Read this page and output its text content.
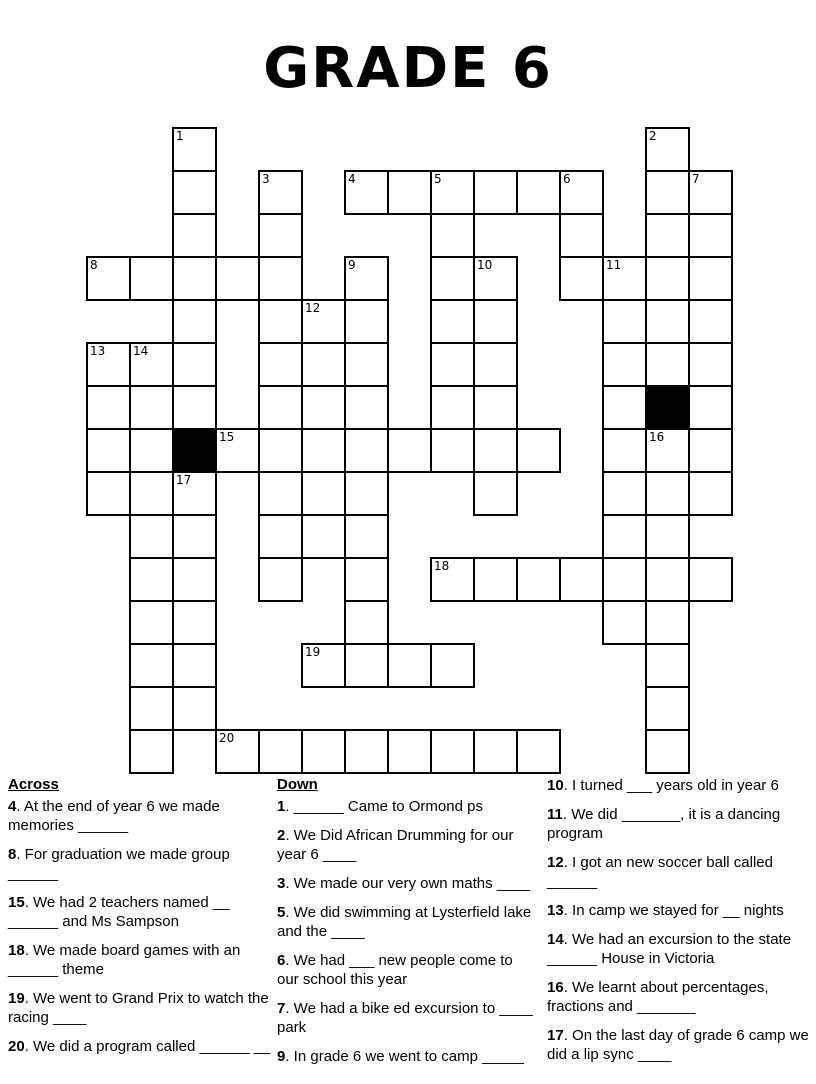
GRADE 6
1	2
3	4	5	6	7
8	9	10	11
12
13 14
15	16
17
18
19
20
Across
4. At the end of year 6 we made memories ______
8. For graduation we made group ______
15. We had 2 teachers named __ ______ and Ms Sampson
18. We made board games with an ______ theme
19. We went to Grand Prix to watch the racing ____
20. We did a program called ______ __
Down
1. ______ Came to Ormond ps
2. We Did African Drumming for our year 6 ____
3. We made our very own maths ____
5. We did swimming at Lysterfield lake and the ____
6. We had ___ new people come to our school this year
7. We had a bike ed excursion to ____ park
9. In grade 6 we went to camp _____
10. I turned ___ years old in year 6
11. We did _______, it is a dancing program
12. I got an new soccer ball called ______
13. In camp we stayed for __ nights
14. We had an excursion to the state ______ House in Victoria
16. We learnt about percentages, fractions and _______
17. On the last day of grade 6 camp we did a lip sync ____
